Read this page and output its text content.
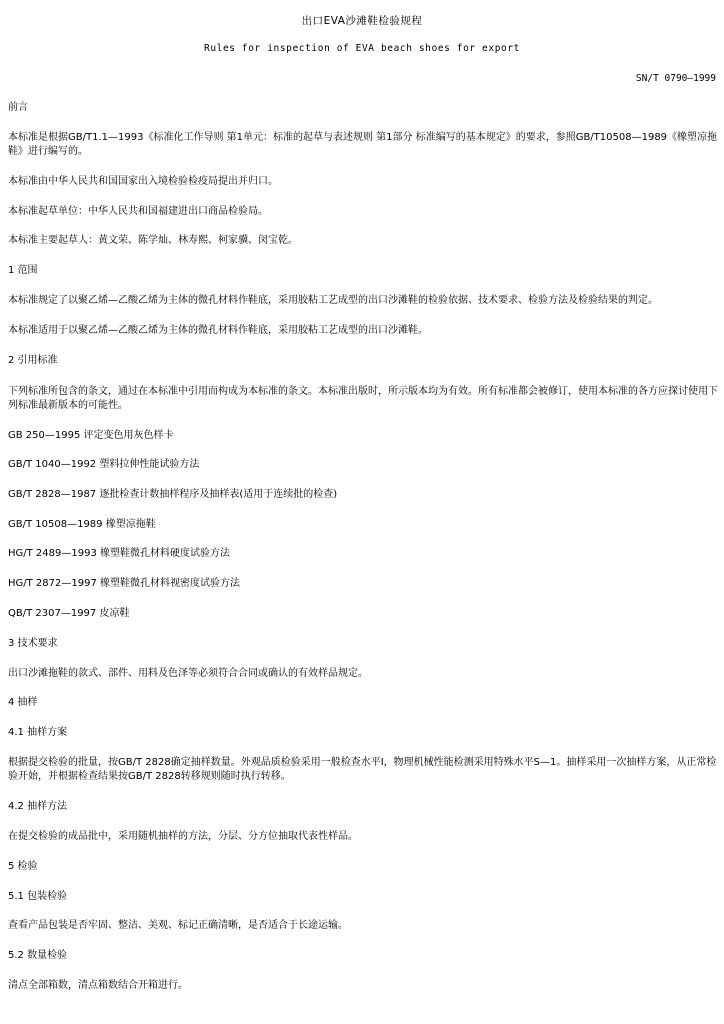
出口EVA沙滩鞋检验规程
Rules for inspection of EVA beach shoes for export
SN/T 0790—1999
前言
本标准是根据GB/T1.1—1993《标准化工作导则 第1单元：标准的起草与表述规则 第1部分 标准编写的基本规定》的要求，参照GB/T10508—1989《橡塑凉拖鞋》进行编写的。
本标准由中华人民共和国国家出入境检验检疫局提出并归口。
本标准起草单位：中华人民共和国福建进出口商品检验局。
本标准主要起草人：黄文荣、陈学灿、林寿熙、柯家骥、闵宝乾。
1 范围
本标准规定了以聚乙烯—乙酸乙烯为主体的微孔材料作鞋底，采用胶粘工艺成型的出口沙滩鞋的检验依据、技术要求、检验方法及检验结果的判定。
本标准适用于以聚乙烯—乙酸乙烯为主体的微孔材料作鞋底，采用胶粘工艺成型的出口沙滩鞋。
2 引用标准
下列标准所包含的条文，通过在本标准中引用而构成为本标准的条文。本标准出版时，所示版本均为有效。所有标准都会被修订，使用本标准的各方应探讨使用下列标准最新版本的可能性。
GB 250—1995 评定变色用灰色样卡
GB/T 1040—1992 塑料拉伸性能试验方法
GB/T 2828—1987 逐批检查计数抽样程序及抽样表(适用于连续批的检查)
GB/T 10508—1989 橡塑凉拖鞋
HG/T 2489—1993 橡塑鞋微孔材料硬度试验方法
HG/T 2872—1997 橡塑鞋微孔材料视密度试验方法
QB/T 2307—1997 皮凉鞋
3 技术要求
出口沙滩拖鞋的款式、部件、用料及色泽等必须符合合同或确认的有效样品规定。
4 抽样
4.1 抽样方案
根据提交检验的批量，按GB/T 2828确定抽样数量。外观品质检验采用一般检查水平I，物理机械性能检测采用特殊水平S—1。抽样采用一次抽样方案，从正常检验开始，并根据检查结果按GB/T 2828转移规则随时执行转移。
4.2 抽样方法
在提交检验的成品批中，采用随机抽样的方法，分层、分方位抽取代表性样品。
5 检验
5.1 包装检验
查看产品包装是否牢固、整洁、美观、标记正确清晰，是否适合于长途运输。
5.2 数量检验
清点全部箱数，清点箱数结合开箱进行。
